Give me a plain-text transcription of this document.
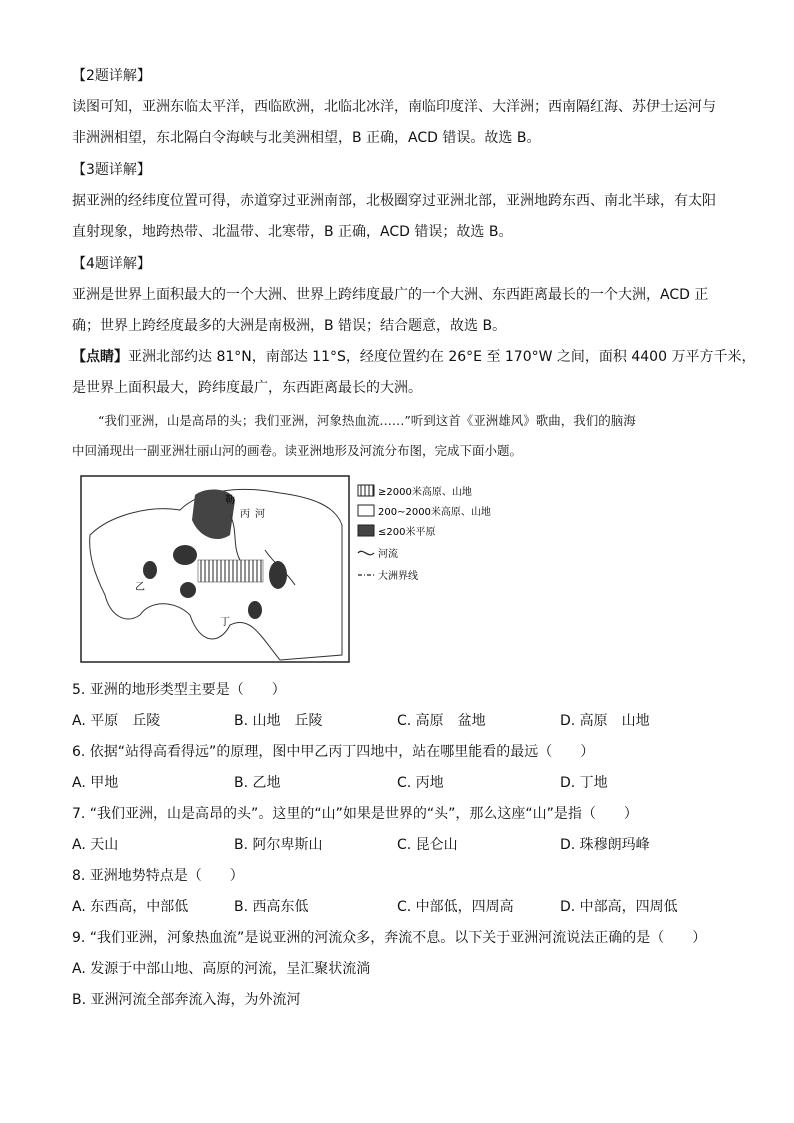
【2题详解】
读图可知，亚洲东临太平洋，西临欧洲，北临北冰洋，南临印度洋、大洋洲；西南隔红海、苏伊士运河与
非洲洲相望，东北隔白令海峡与北美洲相望，B 正确，ACD 错误。故选 B。
【3题详解】
据亚洲的经纬度位置可得，赤道穿过亚洲南部，北极圈穿过亚洲北部，亚洲地跨东西、南北半球，有太阳
直射现象，地跨热带、北温带、北寒带，B 正确，ACD 错误；故选 B。
【4题详解】
亚洲是世界上面积最大的一个大洲、世界上跨纬度最广的一个大洲、东西距离最长的一个大洲，ACD 正
确；世界上跨经度最多的大洲是南极洲，B 错误；结合题意，故选 B。
【点睛】亚洲北部约达 81°N，南部达 11°S，经度位置约在 26°E 至 170°W 之间，面积 4400 万平方千米，
是世界上面积最大，跨纬度最广，东西距离最长的大洲。
“我们亚洲，山是高昂的头；我们亚洲，河象热血流……”听到这首《亚洲雄风》歌曲，我们的脑海
中回涌现出一副亚洲壮丽山河的画卷。读亚洲地形及河流分布图，完成下面小题。
乙
丙
丁
河
勒
≥2000米高原、山地
200~2000米高原、山地
≤200米平原
河流
大洲界线
5. 亚洲的地形类型主要是（　　）
A. 平原　丘陵	B. 山地　丘陵	C. 高原　盆地	D. 高原　山地
6. 依据“站得高看得远”的原理，图中甲乙丙丁四地中，站在哪里能看的最远（　　）
A. 甲地	B. 乙地	C. 丙地	D. 丁地
7. “我们亚洲，山是高昂的头”。这里的“山”如果是世界的“头”，那么这座“山”是指（　　）
A. 天山	B. 阿尔卑斯山	C. 昆仑山	D. 珠穆朗玛峰
8. 亚洲地势特点是（　　）
A. 东西高，中部低	B. 西高东低	C. 中部低，四周高	D. 中部高，四周低
9. “我们亚洲，河象热血流”是说亚洲的河流众多，奔流不息。以下关于亚洲河流说法正确的是（　　）
A. 发源于中部山地、高原的河流，呈汇聚状流淌
B. 亚洲河流全部奔流入海，为外流河
